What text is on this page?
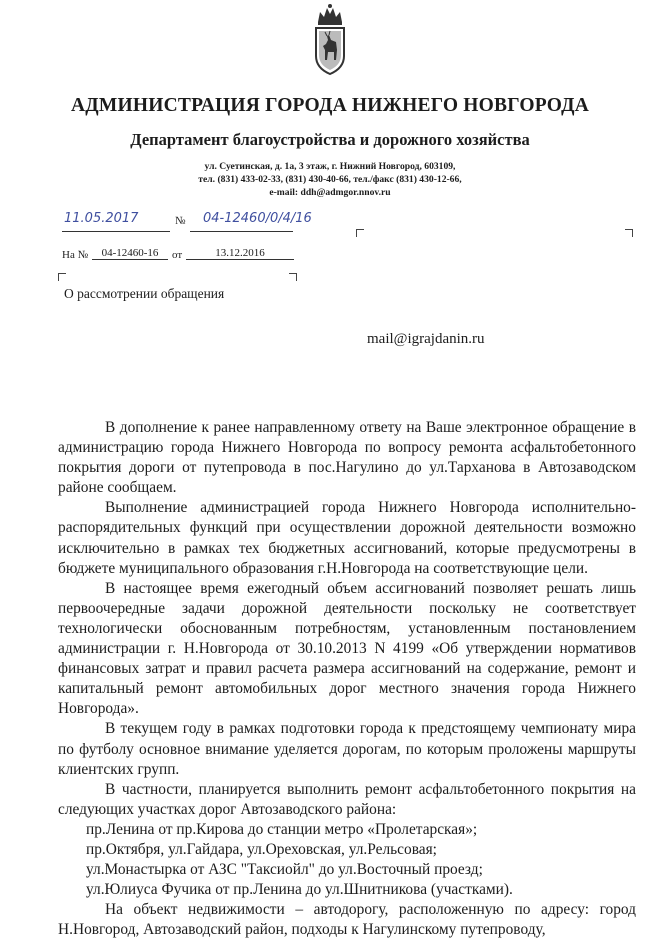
АДМИНИСТРАЦИЯ ГОРОДА НИЖНЕГО НОВГОРОДА
Департамент благоустройства и дорожного хозяйства
ул. Суетинская, д. 1а, 3 этаж, г. Нижний Новгород, 603109,
тел. (831) 433-02-33, (831) 430-40-66, тел./факс (831) 430-12-66,
e-mail: ddh@admgor.nnov.ru
11.05.2017	№ 04-12460/0/4/16
На №	04-12460-16	от	13.12.2016
О рассмотрении обращения
mail@igrajdanin.ru

В дополнение к ранее направленному ответу на Ваше электронное обращение в администрацию города Нижнего Новгорода по вопросу ремонта асфальтобетонного покрытия дороги от путепровода в пос.Нагулино до ул.Тарханова в Автозаводском районе сообщаем.

Выполнение администрацией города Нижнего Новгорода исполнительно-распорядительных функций при осуществлении дорожной деятельности возможно исключительно в рамках тех бюджетных ассигнований, которые предусмотрены в бюджете муниципального образования г.Н.Новгорода на соответствующие цели.

В настоящее время ежегодный объем ассигнований позволяет решать лишь первоочередные задачи дорожной деятельности поскольку не соответствует технологически обоснованным потребностям, установленным постановлением администрации г. Н.Новгорода от 30.10.2013 N 4199 «Об утверждении нормативов финансовых затрат и правил расчета размера ассигнований на содержание, ремонт и капитальный ремонт автомобильных дорог местного значения города Нижнего Новгорода».

В текущем году в рамках подготовки города к предстоящему чемпионату мира по футболу основное внимание уделяется дорогам, по которым проложены маршруты клиентских групп.

В частности, планируется выполнить ремонт асфальтобетонного покрытия на следующих участках дорог Автозаводского района:

пр.Ленина от пр.Кирова до станции метро «Пролетарская»;

пр.Октября, ул.Гайдара, ул.Ореховская, ул.Рельсовая;

ул.Монастырка от АЗС "Таксиойл" до ул.Восточный проезд;

ул.Юлиуса Фучика от пр.Ленина до ул.Шнитникова (участками).

На объект недвижимости – автодорогу, расположенную по адресу: город Н.Новгород, Автозаводский район, подходы к Нагулинскому путепроводу,
